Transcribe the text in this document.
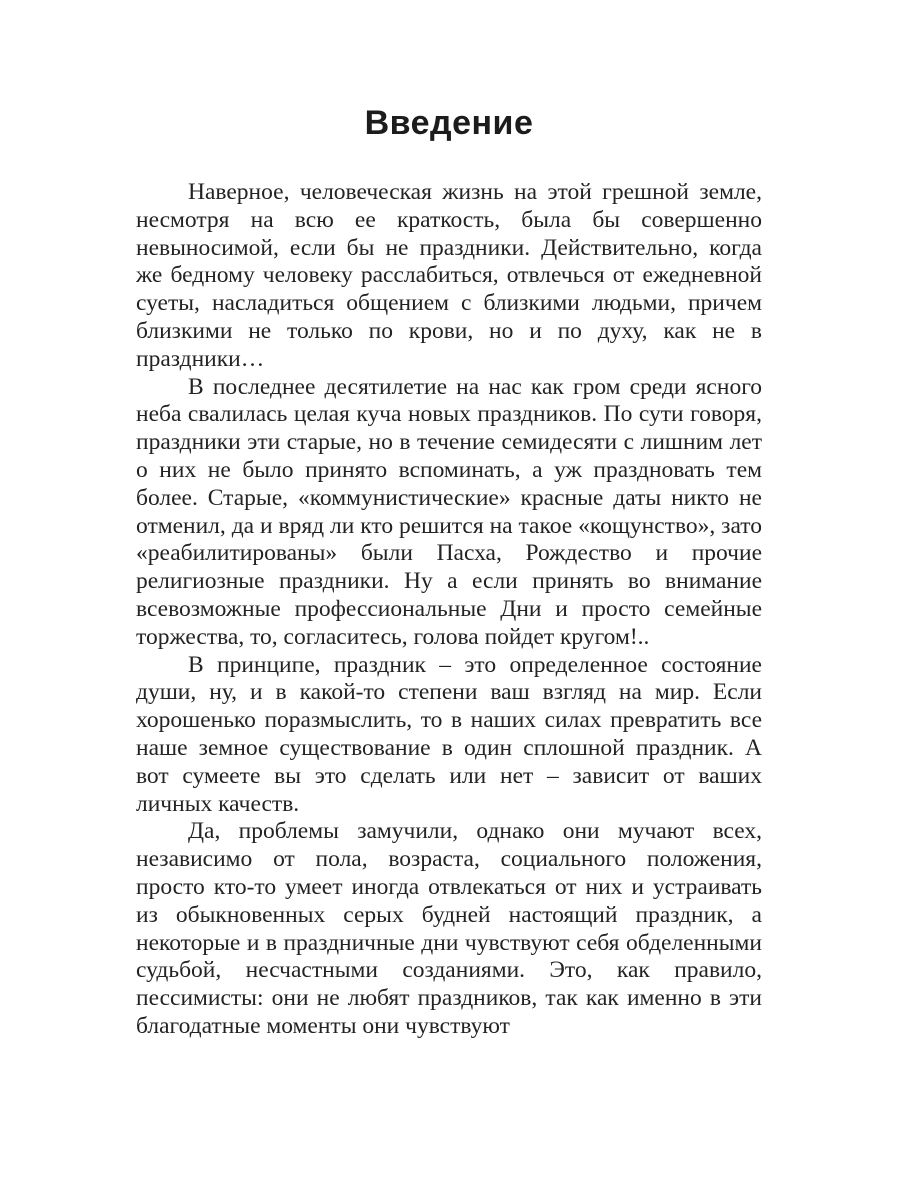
Введение

Наверное, человеческая жизнь на этой грешной земле, несмотря на всю ее краткость, была бы совершенно невыносимой, если бы не праздники. Действительно, когда же бедному человеку расслабиться, отвлечься от ежедневной суеты, насладиться общением с близкими людьми, причем близкими не только по крови, но и по духу, как не в праздники…

В последнее десятилетие на нас как гром среди ясного неба свалилась целая куча новых праздников. По сути говоря, праздники эти старые, но в течение семидесяти с лишним лет о них не было принято вспоминать, а уж праздновать тем более. Старые, «коммунистические» красные даты никто не отменил, да и вряд ли кто решится на такое «кощунство», зато «реабилитированы» были Пасха, Рождество и прочие религиозные праздники. Ну а если принять во внимание всевозможные профессиональные Дни и просто семейные торжества, то, согласитесь, голова пойдет кругом!..

В принципе, праздник – это определенное состояние души, ну, и в какой-то степени ваш взгляд на мир. Если хорошенько поразмыслить, то в наших силах превратить все наше земное существование в один сплошной праздник. А вот сумеете вы это сделать или нет – зависит от ваших личных качеств.

Да, проблемы замучили, однако они мучают всех, независимо от пола, возраста, социального положения, просто кто-то умеет иногда отвлекаться от них и устраивать из обыкновенных серых будней настоящий праздник, а некоторые и в праздничные дни чувствуют себя обделенными судьбой, несчастными созданиями. Это, как правило, пессимисты: они не любят праздников, так как именно в эти благодатные моменты они чувствуют
